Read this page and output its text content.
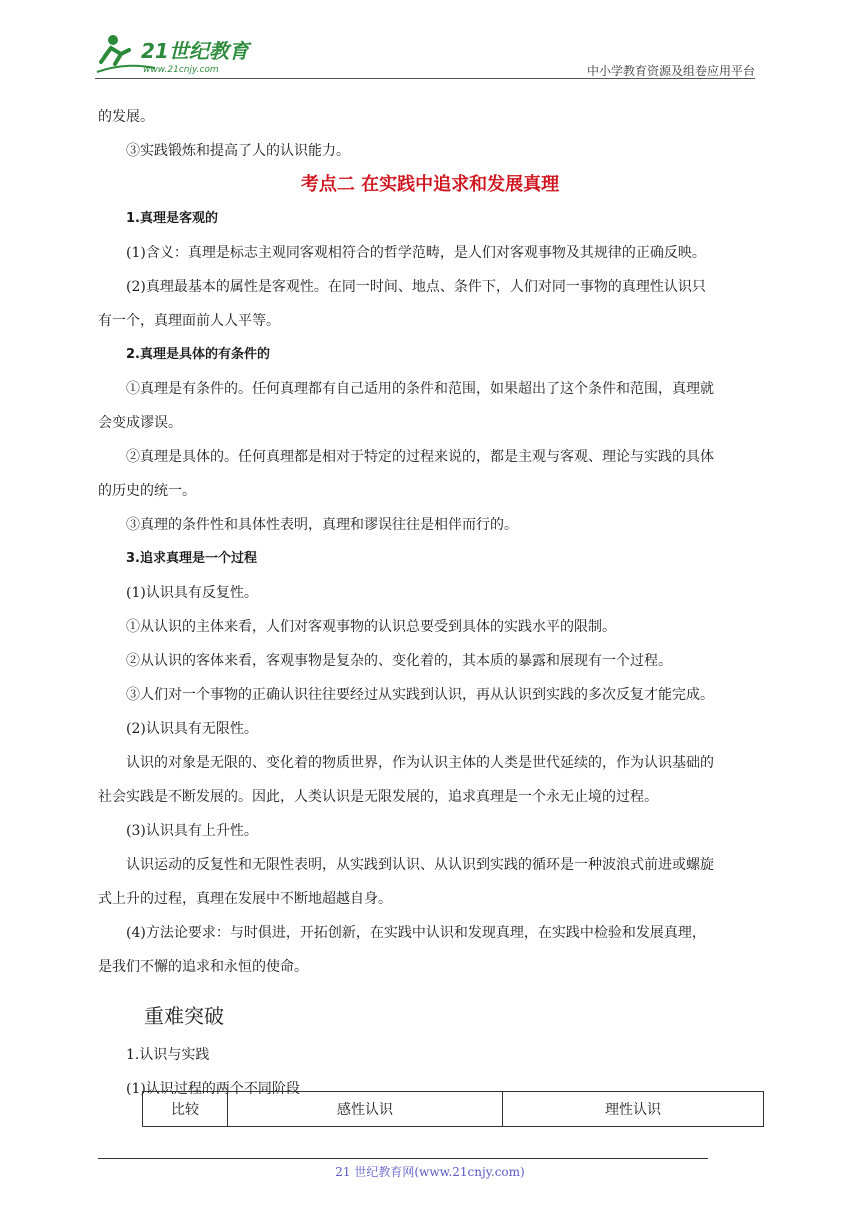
21世纪教育
www.21cnjy.com	中小学教育资源及组卷应用平台

的发展。

③实践锻炼和提高了人的认识能力。

考点二 在实践中追求和发展真理
1.真理是客观的

(1)含义：真理是标志主观同客观相符合的哲学范畴，是人们对客观事物及其规律的正确反映。

(2)真理最基本的属性是客观性。在同一时间、地点、条件下，人们对同一事物的真理性认识只

有一个，真理面前人人平等。

2.真理是具体的有条件的

①真理是有条件的。任何真理都有自己适用的条件和范围，如果超出了这个条件和范围，真理就

会变成谬误。

②真理是具体的。任何真理都是相对于特定的过程来说的，都是主观与客观、理论与实践的具体

的历史的统一。

③真理的条件性和具体性表明，真理和谬误往往是相伴而行的。

3.追求真理是一个过程

(1)认识具有反复性。

①从认识的主体来看，人们对客观事物的认识总要受到具体的实践水平的限制。

②从认识的客体来看，客观事物是复杂的、变化着的，其本质的暴露和展现有一个过程。

③人们对一个事物的正确认识往往要经过从实践到认识，再从认识到实践的多次反复才能完成。

(2)认识具有无限性。

认识的对象是无限的、变化着的物质世界，作为认识主体的人类是世代延续的，作为认识基础的

社会实践是不断发展的。因此，人类认识是无限发展的，追求真理是一个永无止境的过程。

(3)认识具有上升性。

认识运动的反复性和无限性表明，从实践到认识、从认识到实践的循环是一种波浪式前进或螺旋

式上升的过程，真理在发展中不断地超越自身。

(4)方法论要求：与时俱进，开拓创新，在实践中认识和发现真理，在实践中检验和发展真理，

是我们不懈的追求和永恒的使命。

重难突破
1.认识与实践
(1)认识过程的两个不同阶段
比较	感性认识	理性认识
21 世纪教育网(www.21cnjy.com)
